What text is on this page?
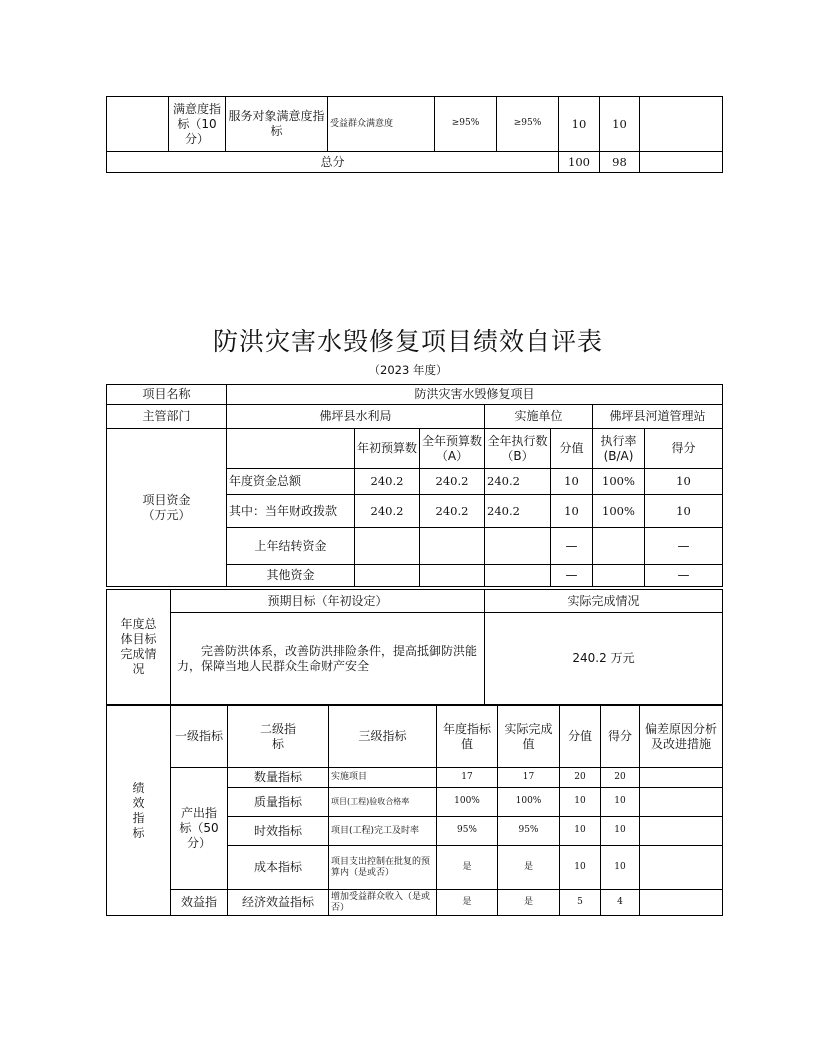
	满意度指标（10分）	服务对象满意度指标	受益群众满意度	≥95%	≥95%	10	10	
总分						100	98	
防洪灾害水毁修复项目绩效自评表
（2023 年度）
项目名称	防洪灾害水毁修复项目						
主管部门	佛坪县水利局			实施单位		佛坪县河道管理站	
项目资金（万元）		年初预算数	全年预算数（A）	全年执行数（B）	分值	执行率(B/A)	得分
	年度资金总额	240.2	240.2	240.2	10	100%	10
	其中：当年财政拨款	240.2	240.2	240.2	10	100%	10
	上年结转资金				—		—
	其他资金				—		—
年度总体目标完成情况	预期目标（年初设定）	实际完成情况
	完善防洪体系，改善防洪排险条件，提高抵御防洪能力，保障当地人民群众生命财产安全	240.2 万元
绩效指标	一级指标	二级指标	三级指标	年度指标值	实际完成值	分值	得分	偏差原因分析及改进措施
	产出指标（50分）	数量指标	实施项目	17	17	20	20	
		质量指标	项目(工程)验收合格率	100%	100%	10	10	
		时效指标	项目(工程)完工及时率	95%	95%	10	10	
		成本指标	项目支出控制在批复的预算内（是或否）	是	是	10	10	
	效益指	经济效益指标	增加受益群众收入（是或否）	是	是	5	4	
